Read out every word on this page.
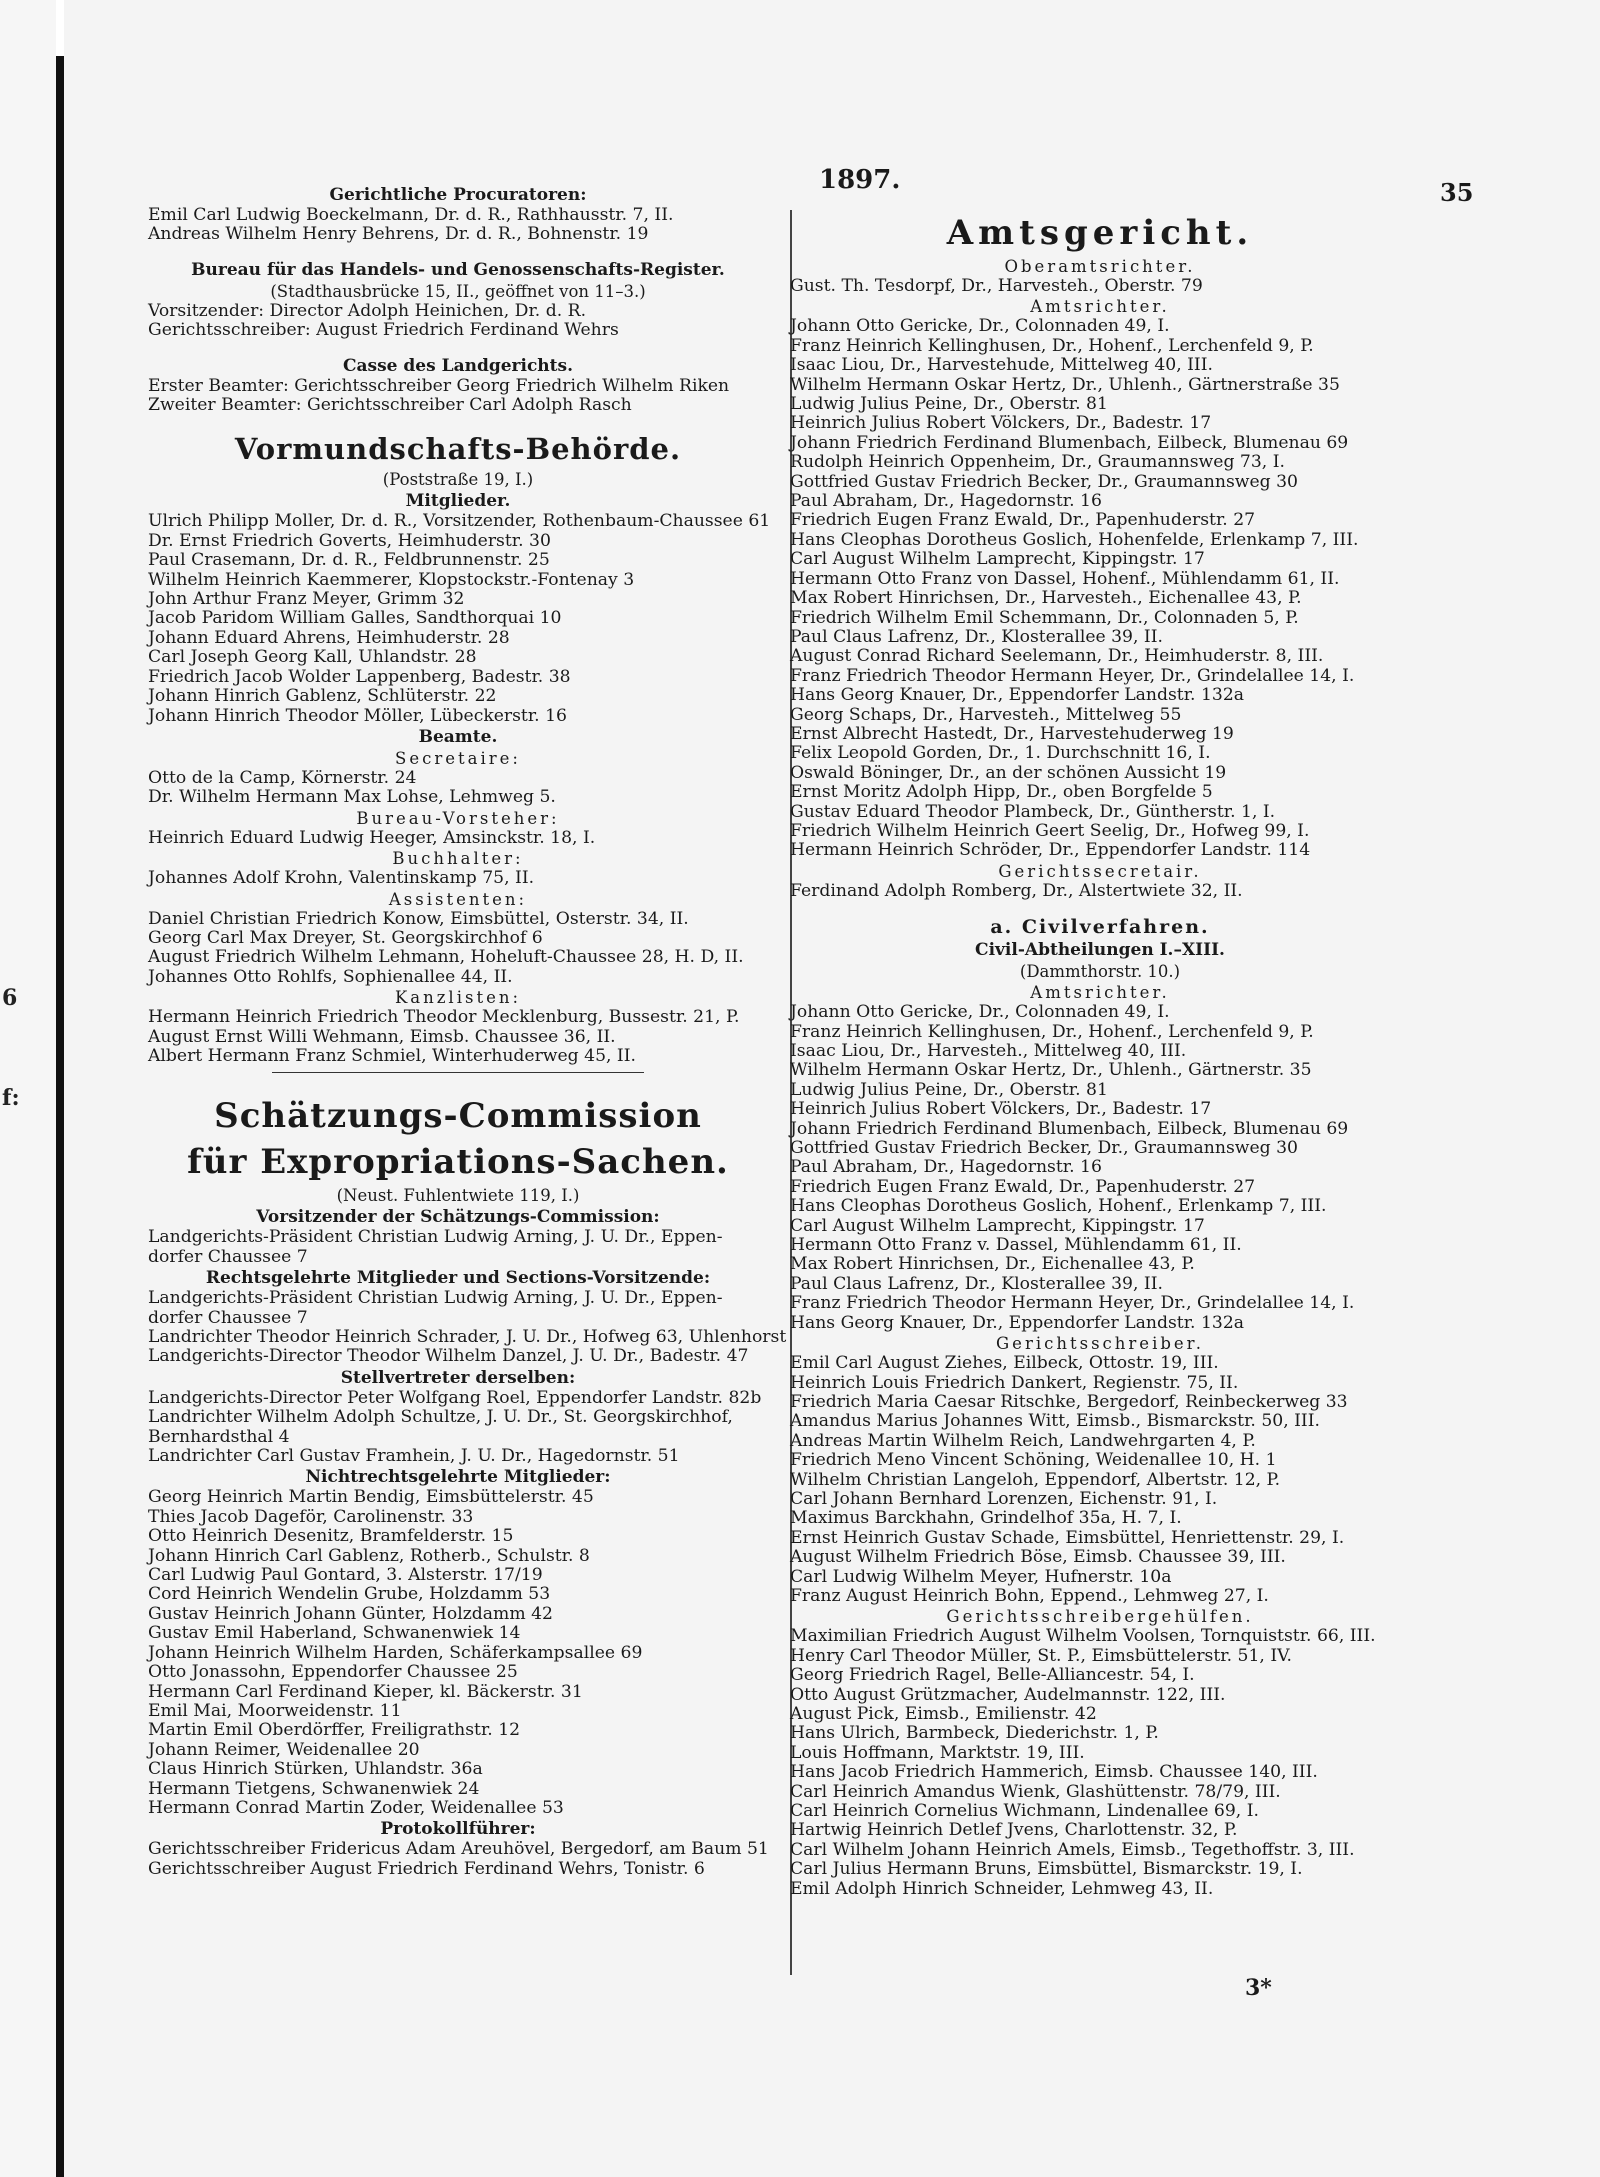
6
f:
1897.	35
Gerichtliche Procuratoren:
Emil Carl Ludwig Boeckelmann, Dr. d. R., Rathhausstr. 7, II.
Andreas Wilhelm Henry Behrens, Dr. d. R., Bohnenstr. 19
Bureau für das Handels- und Genossenschafts-Register.
(Stadthausbrücke 15, II., geöffnet von 11–3.)
Vorsitzender: Director Adolph Heinichen, Dr. d. R.
Gerichtsschreiber: August Friedrich Ferdinand Wehrs
Casse des Landgerichts.
Erster Beamter: Gerichtsschreiber Georg Friedrich Wilhelm Riken
Zweiter Beamter: Gerichtsschreiber Carl Adolph Rasch
Vormundschafts-Behörde.
(Poststraße 19, I.)
Mitglieder.
Ulrich Philipp Moller, Dr. d. R., Vorsitzender, Rothenbaum-Chaussee 61
Dr. Ernst Friedrich Goverts, Heimhuderstr. 30
Paul Crasemann, Dr. d. R., Feldbrunnenstr. 25
Wilhelm Heinrich Kaemmerer, Klopstockstr.-Fontenay 3
John Arthur Franz Meyer, Grimm 32
Jacob Paridom William Galles, Sandthorquai 10
Johann Eduard Ahrens, Heimhuderstr. 28
Carl Joseph Georg Kall, Uhlandstr. 28
Friedrich Jacob Wolder Lappenberg, Badestr. 38
Johann Hinrich Gablenz, Schlüterstr. 22
Johann Hinrich Theodor Möller, Lübeckerstr. 16
Beamte.
Secretaire:
Otto de la Camp, Körnerstr. 24
Dr. Wilhelm Hermann Max Lohse, Lehmweg 5.
Bureau-Vorsteher:
Heinrich Eduard Ludwig Heeger, Amsinckstr. 18, I.
Buchhalter:
Johannes Adolf Krohn, Valentinskamp 75, II.
Assistenten:
Daniel Christian Friedrich Konow, Eimsbüttel, Osterstr. 34, II.
Georg Carl Max Dreyer, St. Georgskirchhof 6
August Friedrich Wilhelm Lehmann, Hoheluft-Chaussee 28, H. D, II.
Johannes Otto Rohlfs, Sophienallee 44, II.
Kanzlisten:
Hermann Heinrich Friedrich Theodor Mecklenburg, Bussestr. 21, P.
August Ernst Willi Wehmann, Eimsb. Chaussee 36, II.
Albert Hermann Franz Schmiel, Winterhuderweg 45, II.
Schätzungs-Commission
für Expropriations-Sachen.
(Neust. Fuhlentwiete 119, I.)
Vorsitzender der Schätzungs-Commission:
Landgerichts-Präsident Christian Ludwig Arning, J. U. Dr., Eppen-
dorfer Chaussee 7
Rechtsgelehrte Mitglieder und Sections-Vorsitzende:
Landgerichts-Präsident Christian Ludwig Arning, J. U. Dr., Eppen-
dorfer Chaussee 7
Landrichter Theodor Heinrich Schrader, J. U. Dr., Hofweg 63, Uhlenhorst
Landgerichts-Director Theodor Wilhelm Danzel, J. U. Dr., Badestr. 47
Stellvertreter derselben:
Landgerichts-Director Peter Wolfgang Roel, Eppendorfer Landstr. 82b
Landrichter Wilhelm Adolph Schultze, J. U. Dr., St. Georgskirchhof,
Bernhardsthal 4
Landrichter Carl Gustav Framhein, J. U. Dr., Hagedornstr. 51
Nichtrechtsgelehrte Mitglieder:
Georg Heinrich Martin Bendig, Eimsbüttelerstr. 45
Thies Jacob Dageför, Carolinenstr. 33
Otto Heinrich Desenitz, Bramfelderstr. 15
Johann Hinrich Carl Gablenz, Rotherb., Schulstr. 8
Carl Ludwig Paul Gontard, 3. Alsterstr. 17/19
Cord Heinrich Wendelin Grube, Holzdamm 53
Gustav Heinrich Johann Günter, Holzdamm 42
Gustav Emil Haberland, Schwanenwiek 14
Johann Heinrich Wilhelm Harden, Schäferkampsallee 69
Otto Jonassohn, Eppendorfer Chaussee 25
Hermann Carl Ferdinand Kieper, kl. Bäckerstr. 31
Emil Mai, Moorweidenstr. 11
Martin Emil Oberdörffer, Freiligrathstr. 12
Johann Reimer, Weidenallee 20
Claus Hinrich Stürken, Uhlandstr. 36a
Hermann Tietgens, Schwanenwiek 24
Hermann Conrad Martin Zoder, Weidenallee 53
Protokollführer:
Gerichtsschreiber Fridericus Adam Areuhövel, Bergedorf, am Baum 51
Gerichtsschreiber August Friedrich Ferdinand Wehrs, Tonistr. 6
Amtsgericht.
Oberamtsrichter.
Gust. Th. Tesdorpf, Dr., Harvesteh., Oberstr. 79
Amtsrichter.
Johann Otto Gericke, Dr., Colonnaden 49, I.
Franz Heinrich Kellinghusen, Dr., Hohenf., Lerchenfeld 9, P.
Isaac Liou, Dr., Harvestehude, Mittelweg 40, III.
Wilhelm Hermann Oskar Hertz, Dr., Uhlenh., Gärtnerstraße 35
Ludwig Julius Peine, Dr., Oberstr. 81
Heinrich Julius Robert Völckers, Dr., Badestr. 17
Johann Friedrich Ferdinand Blumenbach, Eilbeck, Blumenau 69
Rudolph Heinrich Oppenheim, Dr., Graumannsweg 73, I.
Gottfried Gustav Friedrich Becker, Dr., Graumannsweg 30
Paul Abraham, Dr., Hagedornstr. 16
Friedrich Eugen Franz Ewald, Dr., Papenhuderstr. 27
Hans Cleophas Dorotheus Goslich, Hohenfelde, Erlenkamp 7, III.
Carl August Wilhelm Lamprecht, Kippingstr. 17
Hermann Otto Franz von Dassel, Hohenf., Mühlendamm 61, II.
Max Robert Hinrichsen, Dr., Harvesteh., Eichenallee 43, P.
Friedrich Wilhelm Emil Schemmann, Dr., Colonnaden 5, P.
Paul Claus Lafrenz, Dr., Klosterallee 39, II.
August Conrad Richard Seelemann, Dr., Heimhuderstr. 8, III.
Franz Friedrich Theodor Hermann Heyer, Dr., Grindelallee 14, I.
Hans Georg Knauer, Dr., Eppendorfer Landstr. 132a
Georg Schaps, Dr., Harvesteh., Mittelweg 55
Ernst Albrecht Hastedt, Dr., Harvestehuderweg 19
Felix Leopold Gorden, Dr., 1. Durchschnitt 16, I.
Oswald Böninger, Dr., an der schönen Aussicht 19
Ernst Moritz Adolph Hipp, Dr., oben Borgfelde 5
Gustav Eduard Theodor Plambeck, Dr., Güntherstr. 1, I.
Friedrich Wilhelm Heinrich Geert Seelig, Dr., Hofweg 99, I.
Hermann Heinrich Schröder, Dr., Eppendorfer Landstr. 114
Gerichtssecretair.
Ferdinand Adolph Romberg, Dr., Alstertwiete 32, II.
a. Civilverfahren.
Civil-Abtheilungen I.–XIII.
(Dammthorstr. 10.)
Amtsrichter.
Johann Otto Gericke, Dr., Colonnaden 49, I.
Franz Heinrich Kellinghusen, Dr., Hohenf., Lerchenfeld 9, P.
Isaac Liou, Dr., Harvesteh., Mittelweg 40, III.
Wilhelm Hermann Oskar Hertz, Dr., Uhlenh., Gärtnerstr. 35
Ludwig Julius Peine, Dr., Oberstr. 81
Heinrich Julius Robert Völckers, Dr., Badestr. 17
Johann Friedrich Ferdinand Blumenbach, Eilbeck, Blumenau 69
Gottfried Gustav Friedrich Becker, Dr., Graumannsweg 30
Paul Abraham, Dr., Hagedornstr. 16
Friedrich Eugen Franz Ewald, Dr., Papenhuderstr. 27
Hans Cleophas Dorotheus Goslich, Hohenf., Erlenkamp 7, III.
Carl August Wilhelm Lamprecht, Kippingstr. 17
Hermann Otto Franz v. Dassel, Mühlendamm 61, II.
Max Robert Hinrichsen, Dr., Eichenallee 43, P.
Paul Claus Lafrenz, Dr., Klosterallee 39, II.
Franz Friedrich Theodor Hermann Heyer, Dr., Grindelallee 14, I.
Hans Georg Knauer, Dr., Eppendorfer Landstr. 132a
Gerichtsschreiber.
Emil Carl August Ziehes, Eilbeck, Ottostr. 19, III.
Heinrich Louis Friedrich Dankert, Regienstr. 75, II.
Friedrich Maria Caesar Ritschke, Bergedorf, Reinbeckerweg 33
Amandus Marius Johannes Witt, Eimsb., Bismarckstr. 50, III.
Andreas Martin Wilhelm Reich, Landwehrgarten 4, P.
Friedrich Meno Vincent Schöning, Weidenallee 10, H. 1
Wilhelm Christian Langeloh, Eppendorf, Albertstr. 12, P.
Carl Johann Bernhard Lorenzen, Eichenstr. 91, I.
Maximus Barckhahn, Grindelhof 35a, H. 7, I.
Ernst Heinrich Gustav Schade, Eimsbüttel, Henriettenstr. 29, I.
August Wilhelm Friedrich Böse, Eimsb. Chaussee 39, III.
Carl Ludwig Wilhelm Meyer, Hufnerstr. 10a
Franz August Heinrich Bohn, Eppend., Lehmweg 27, I.
Gerichtsschreibergehülfen.
Maximilian Friedrich August Wilhelm Voolsen, Tornquiststr. 66, III.
Henry Carl Theodor Müller, St. P., Eimsbüttelerstr. 51, IV.
Georg Friedrich Ragel, Belle-Alliancestr. 54, I.
Otto August Grützmacher, Audelmannstr. 122, III.
August Pick, Eimsb., Emilienstr. 42
Hans Ulrich, Barmbeck, Diederichstr. 1, P.
Louis Hoffmann, Marktstr. 19, III.
Hans Jacob Friedrich Hammerich, Eimsb. Chaussee 140, III.
Carl Heinrich Amandus Wienk, Glashüttenstr. 78/79, III.
Carl Heinrich Cornelius Wichmann, Lindenallee 69, I.
Hartwig Heinrich Detlef Jvens, Charlottenstr. 32, P.
Carl Wilhelm Johann Heinrich Amels, Eimsb., Tegethoffstr. 3, III.
Carl Julius Hermann Bruns, Eimsbüttel, Bismarckstr. 19, I.
Emil Adolph Hinrich Schneider, Lehmweg 43, II.
3*
